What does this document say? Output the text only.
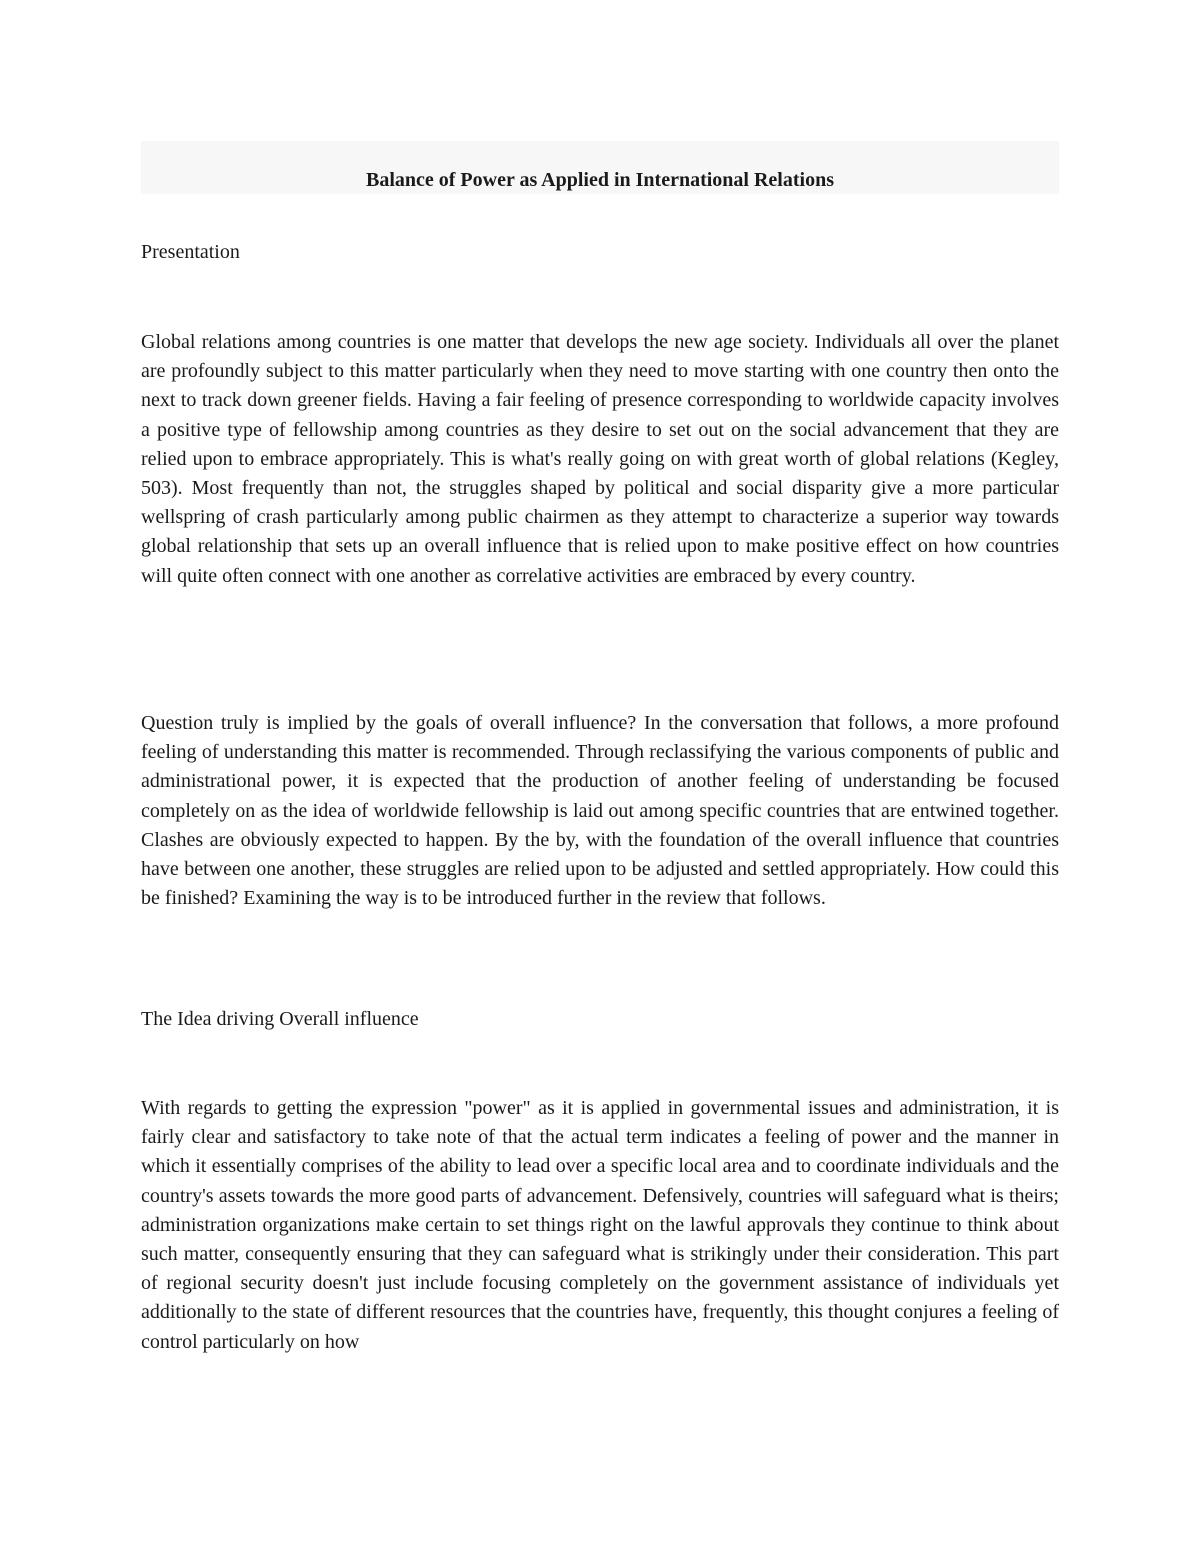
Balance of Power as Applied in International Relations
Presentation

Global relations among countries is one matter that develops the new age society. Individuals all over the planet are profoundly subject to this matter particularly when they need to move starting with one country then onto the next to track down greener fields. Having a fair feeling of presence corresponding to worldwide capacity involves a positive type of fellowship among countries as they desire to set out on the social advancement that they are relied upon to embrace appropriately. This is what's really going on with great worth of global relations (Kegley, 503). Most frequently than not, the struggles shaped by political and social disparity give a more particular wellspring of crash particularly among public chairmen as they attempt to characterize a superior way towards global relationship that sets up an overall influence that is relied upon to make positive effect on how countries will quite often connect with one another as correlative activities are embraced by every country.

Question truly is implied by the goals of overall influence? In the conversation that follows, a more profound feeling of understanding this matter is recommended. Through reclassifying the various components of public and administrational power, it is expected that the production of another feeling of understanding be focused completely on as the idea of worldwide fellowship is laid out among specific countries that are entwined together. Clashes are obviously expected to happen. By the by, with the foundation of the overall influence that countries have between one another, these struggles are relied upon to be adjusted and settled appropriately. How could this be finished? Examining the way is to be introduced further in the review that follows.

The Idea driving Overall influence

With regards to getting the expression "power" as it is applied in governmental issues and administration, it is fairly clear and satisfactory to take note of that the actual term indicates a feeling of power and the manner in which it essentially comprises of the ability to lead over a specific local area and to coordinate individuals and the country's assets towards the more good parts of advancement. Defensively, countries will safeguard what is theirs; administration organizations make certain to set things right on the lawful approvals they continue to think about such matter, consequently ensuring that they can safeguard what is strikingly under their consideration. This part of regional security doesn't just include focusing completely on the government assistance of individuals yet additionally to the state of different resources that the countries have, frequently, this thought conjures a feeling of control particularly on how
